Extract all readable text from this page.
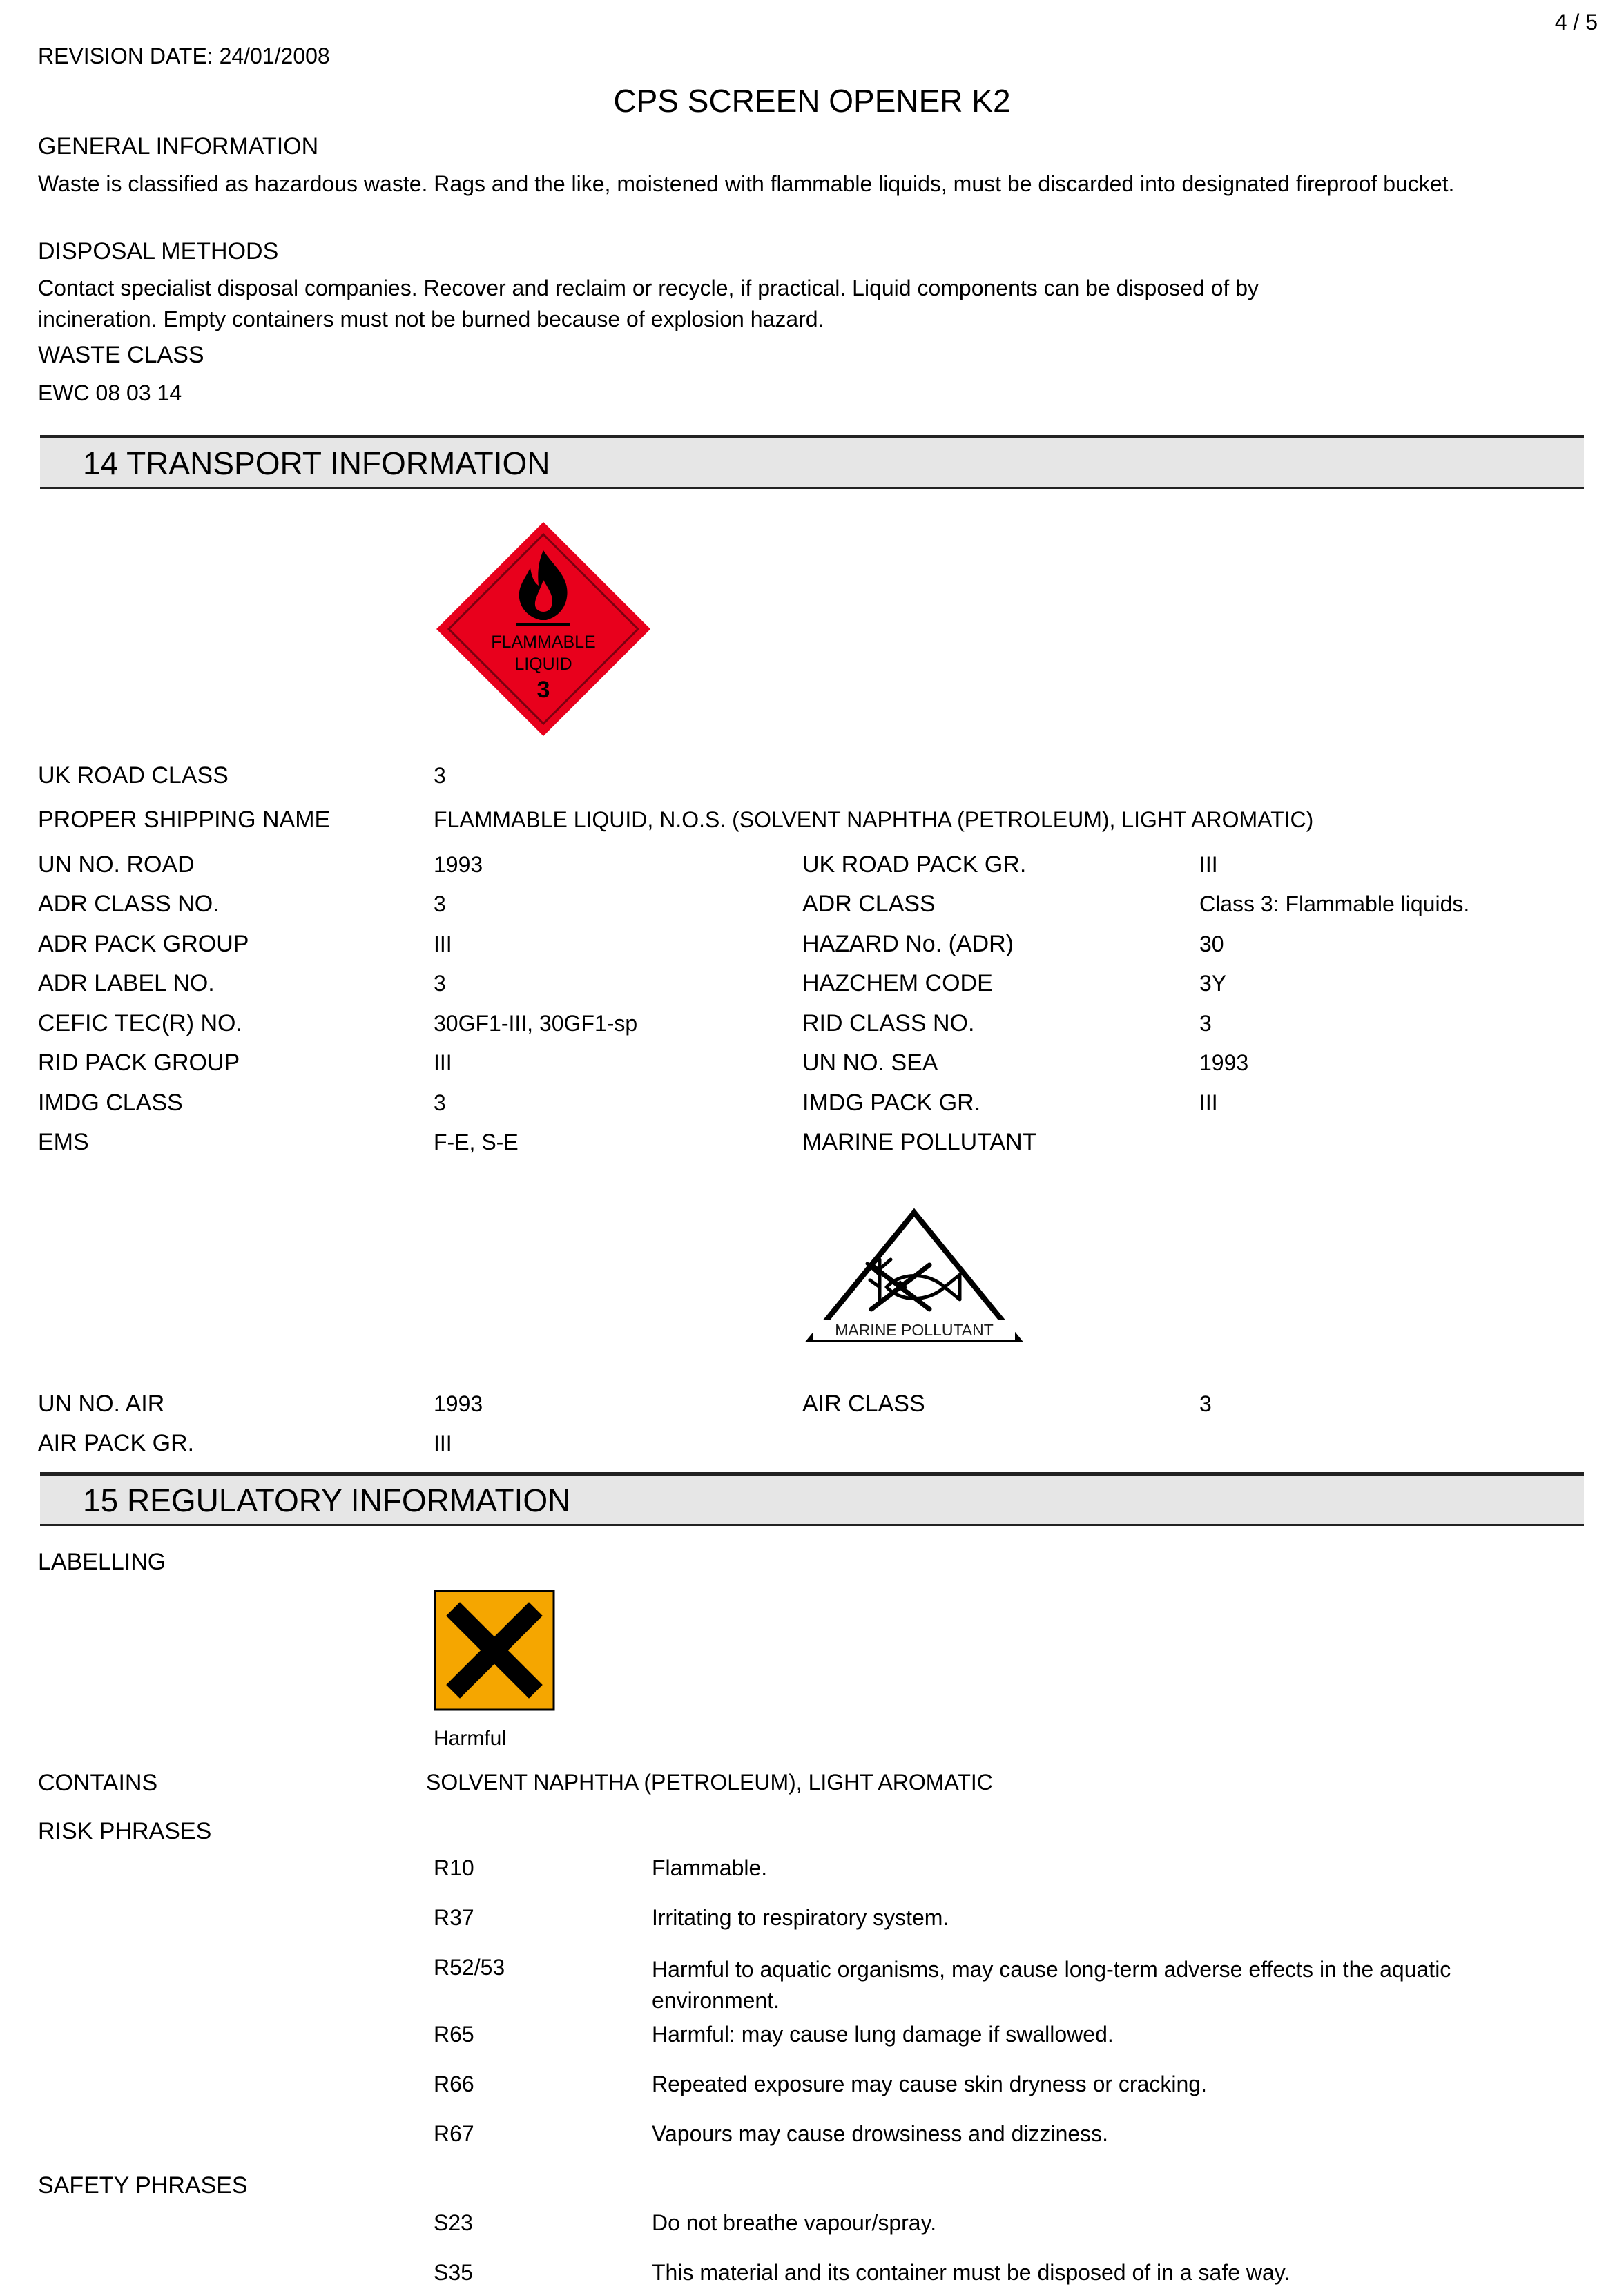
4 / 5
REVISION DATE: 24/01/2008
CPS SCREEN OPENER K2
GENERAL INFORMATION
Waste is classified as hazardous waste. Rags and the like, moistened with flammable liquids, must be discarded into designated fireproof bucket.
DISPOSAL METHODS
Contact specialist disposal companies. Recover and reclaim or recycle, if practical. Liquid components can be disposed of by incineration. Empty containers must not be burned because of explosion hazard.
WASTE CLASS
EWC 08 03 14
14 TRANSPORT INFORMATION
FLAMMABLE
LIQUID
3
UK ROAD CLASS	3
PROPER SHIPPING NAME	FLAMMABLE LIQUID, N.O.S. (SOLVENT NAPHTHA (PETROLEUM), LIGHT AROMATIC)
UN NO. ROAD	1993	UK ROAD PACK GR.	III
ADR CLASS NO.	3	ADR CLASS	Class 3: Flammable liquids.
ADR PACK GROUP	III	HAZARD No. (ADR)	30
ADR LABEL NO.	3	HAZCHEM CODE	3Y
CEFIC TEC(R) NO.	30GF1-III, 30GF1-sp	RID CLASS NO.	3
RID PACK GROUP	III	UN NO. SEA	1993
IMDG CLASS	3	IMDG PACK GR.	III
EMS	F-E, S-E	MARINE POLLUTANT
MARINE POLLUTANT
UN NO. AIR	1993	AIR CLASS	3
AIR PACK GR.	III
15 REGULATORY INFORMATION
LABELLING
Harmful
CONTAINS	SOLVENT NAPHTHA (PETROLEUM), LIGHT AROMATIC
RISK PHRASES
R10	Flammable.
R37	Irritating to respiratory system.
R52/53	Harmful to aquatic organisms, may cause long-term adverse effects in the aquatic environment.
R65	Harmful: may cause lung damage if swallowed.
R66	Repeated exposure may cause skin dryness or cracking.
R67	Vapours may cause drowsiness and dizziness.
SAFETY PHRASES
S23	Do not breathe vapour/spray.
S35	This material and its container must be disposed of in a safe way.
